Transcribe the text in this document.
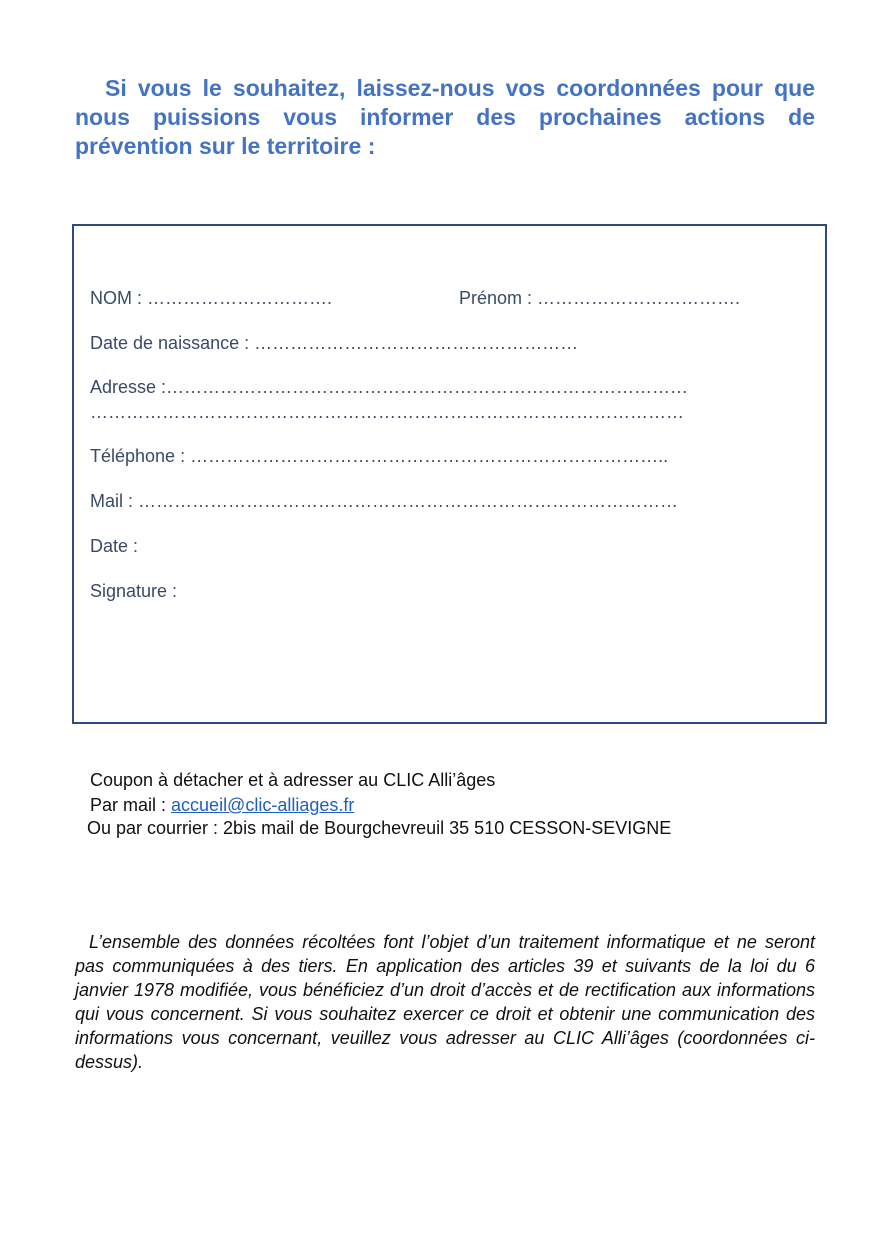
Si vous le souhaitez, laissez-nous vos coordonnées pour que nous puissions vous informer des prochaines actions de prévention sur le territoire :

NOM : ………………………….	Prénom : …………………………….
Date de naissance : ………………………………………………
Adresse :……………………………………………………………………………
………………………………………………………………………………………
Téléphone : ……………………………………………………………………..
Mail : ………………………………………………………………………………
Date :
Signature :
Coupon à détacher et à adresser au CLIC Alli’âges
Par mail : accueil@clic-alliages.fr
Ou par courrier : 2bis mail de Bourgchevreuil 35 510 CESSON-SEVIGNE

L’ensemble des données récoltées font l’objet d’un traitement informatique et ne seront pas communiquées à des tiers. En application des articles 39 et suivants de la loi du 6 janvier 1978 modifiée, vous bénéficiez d’un droit d’accès et de rectification aux informations qui vous concernent. Si vous souhaitez exercer ce droit et obtenir une communication des informations vous concernant, veuillez vous adresser au CLIC Alli’âges (coordonnées ci-dessus).
